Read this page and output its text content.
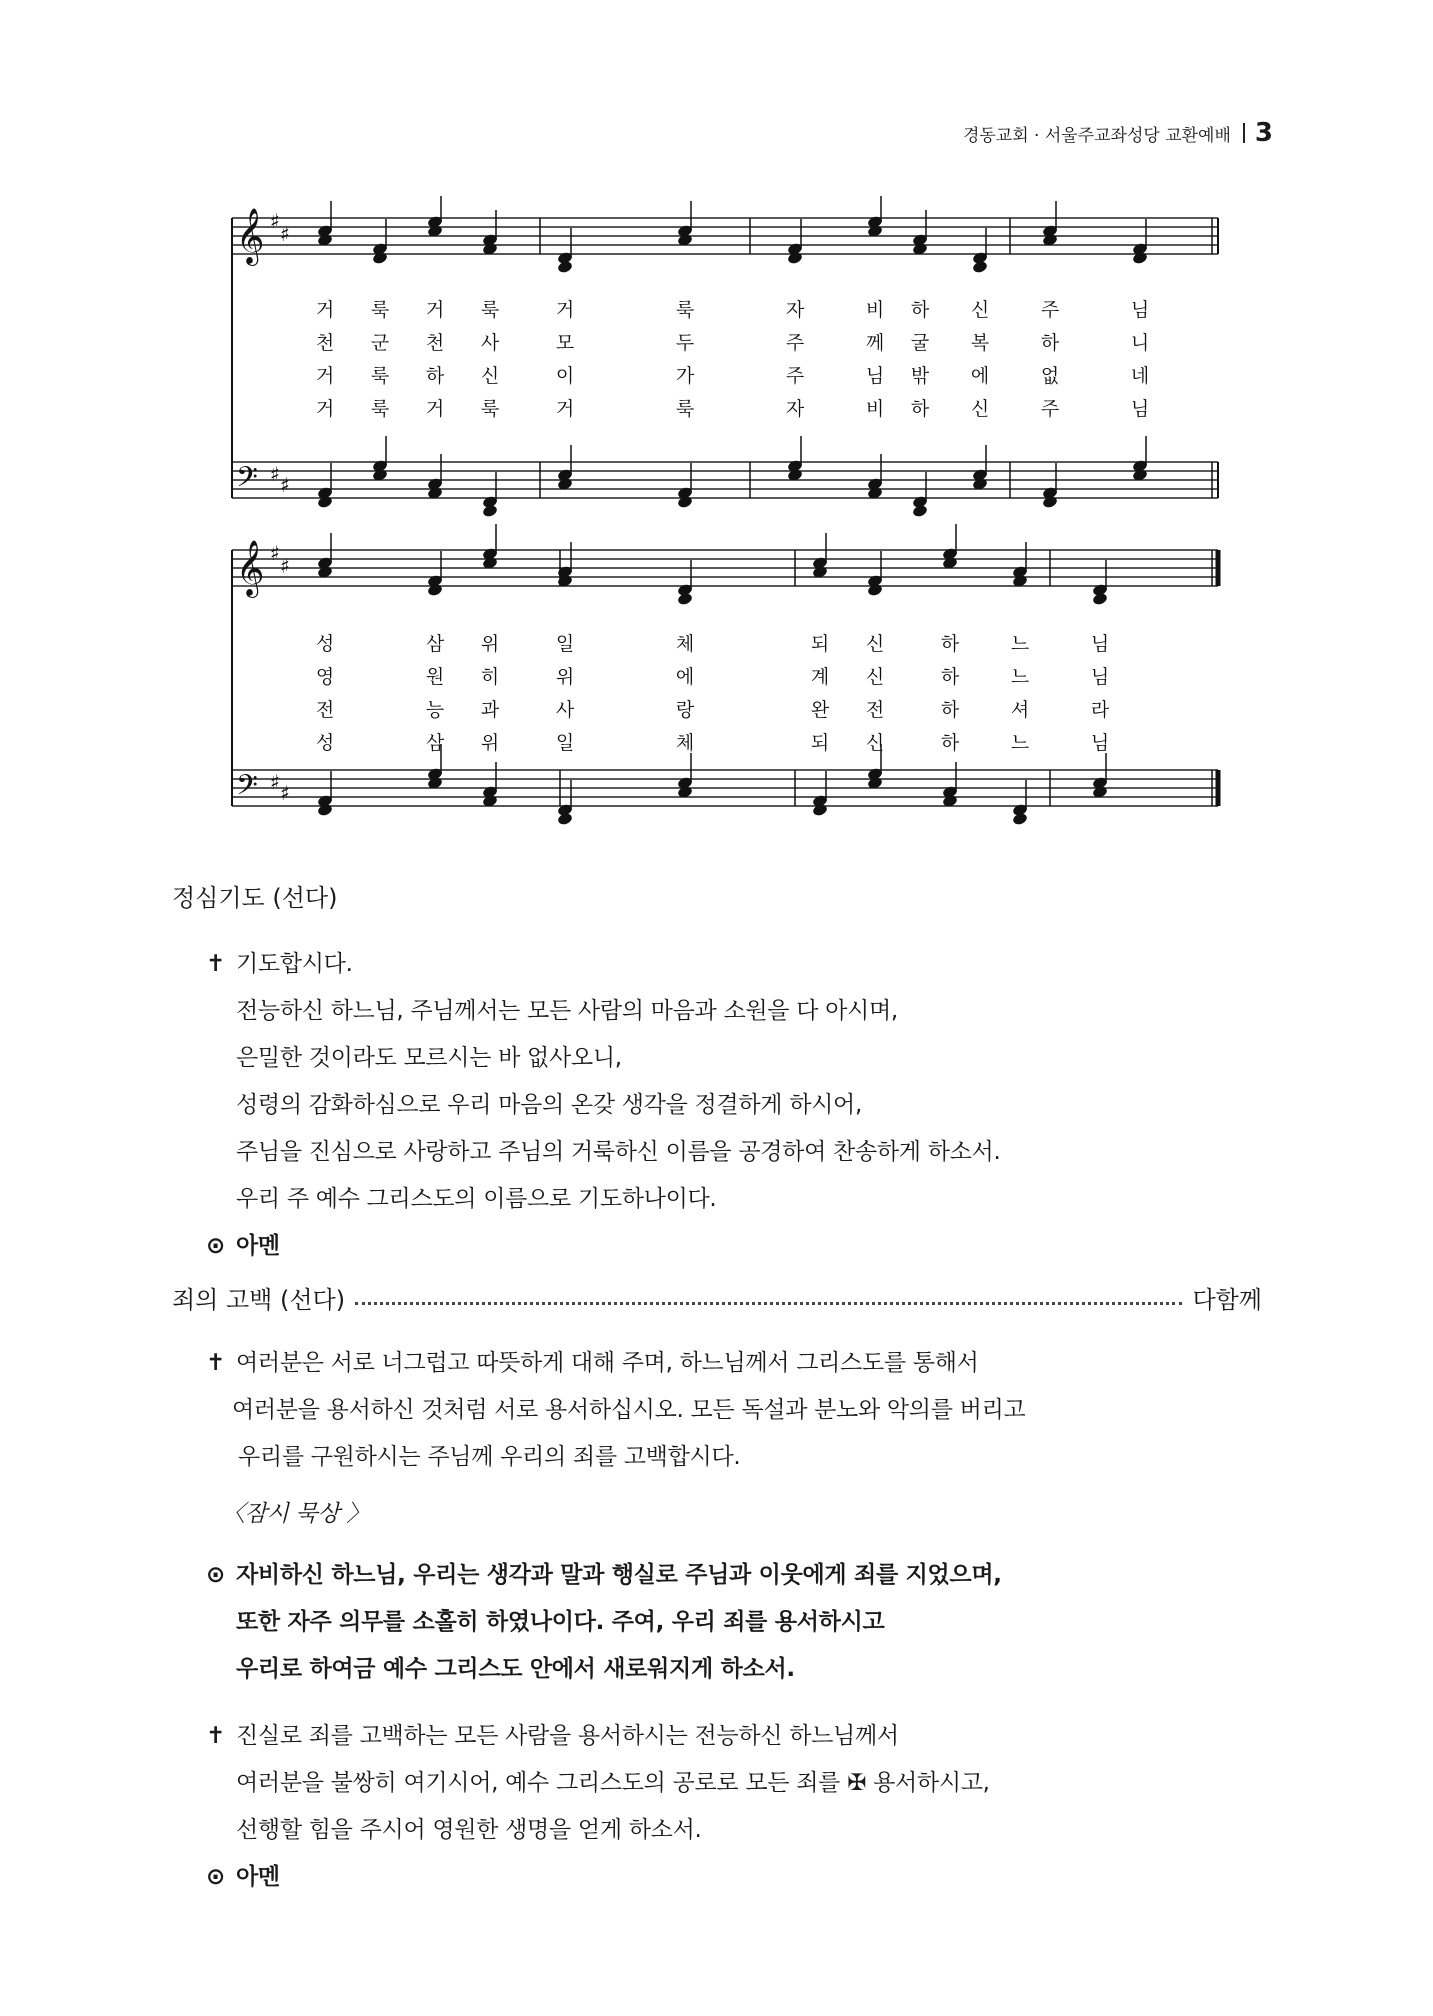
경동교회 · 서울주교좌성당 교환예배 3
𝄞 ♯
♯
𝄢 ♯ ♯
거 룩 거 룩	거	룩	자	비 하 신	주	님
천 군 천 사	모	두	주	께 굴 복	하	니
거 룩 하 신	이	가	주	님 밖 에	없	네
거 룩 거 룩	거	룩	자	비 하 신	주	님
𝄞 ♯
♯
𝄢 ♯ ♯
성	삼 위	일	체	되 신	하	느	님
영	원 히	위	에	계 신	하	느	님
전	능 과	사	랑	완 전	하	셔	라
성	삼 위	일	체	되 신	하	느	님
정심기도 (선다)
✝ 기도합시다.
전능하신 하느님, 주님께서는 모든 사람의 마음과 소원을 다 아시며,
은밀한 것이라도 모르시는 바 없사오니,
성령의 감화하심으로 우리 마음의 온갖 생각을 정결하게 하시어,
주님을 진심으로 사랑하고 주님의 거룩하신 이름을 공경하여 찬송하게 하소서.
우리 주 예수 그리스도의 이름으로 기도하나이다.
⊙ 아멘
죄의 고백 (선다)	다함께
✝ 여러분은 서로 너그럽고 따뜻하게 대해 주며, 하느님께서 그리스도를 통해서
여러분을 용서하신 것처럼 서로 용서하십시오. 모든 독설과 분노와 악의를 버리고
우리를 구원하시는 주님께 우리의 죄를 고백합시다.
〈잠시 묵상 〉
⊙ 자비하신 하느님, 우리는 생각과 말과 행실로 주님과 이웃에게 죄를 지었으며,
또한 자주 의무를 소홀히 하였나이다. 주여, 우리 죄를 용서하시고
우리로 하여금 예수 그리스도 안에서 새로워지게 하소서.
✝ 진실로 죄를 고백하는 모든 사람을 용서하시는 전능하신 하느님께서
여러분을 불쌍히 여기시어, 예수 그리스도의 공로로 모든 죄를 ✠ 용서하시고,
선행할 힘을 주시어 영원한 생명을 얻게 하소서.
⊙ 아멘
